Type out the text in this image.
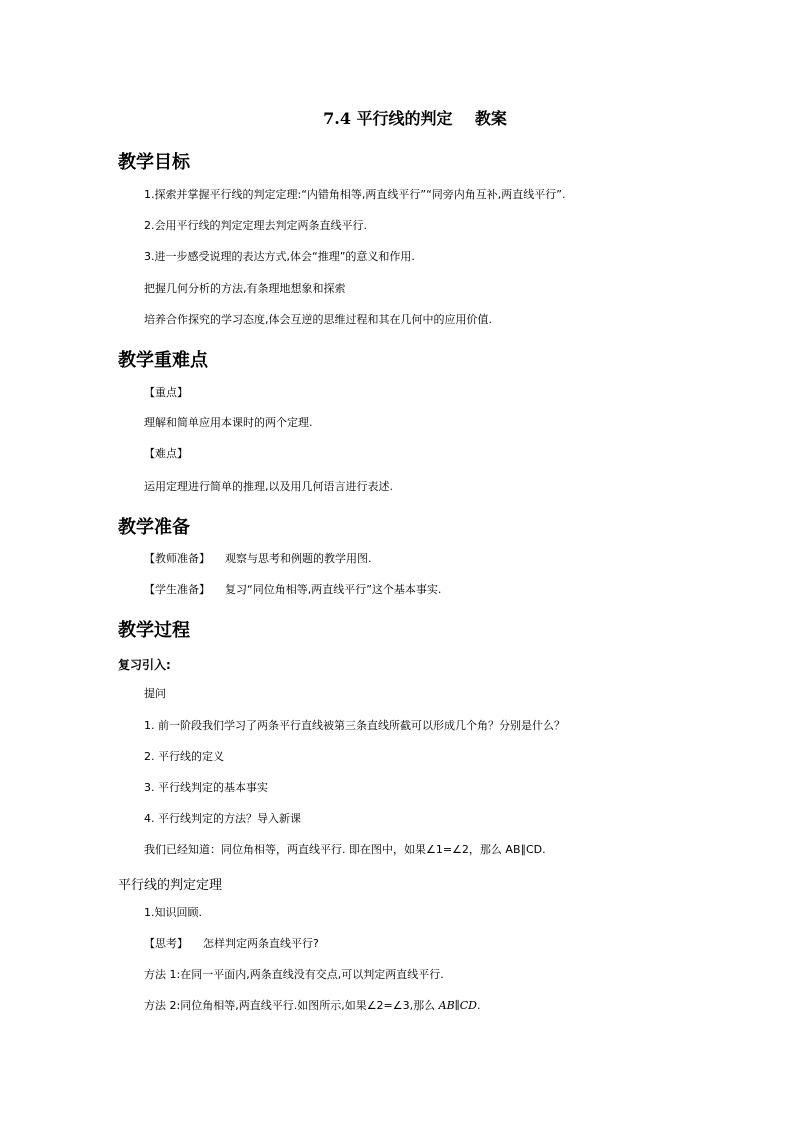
7.4 平行线的判定    教案
教学目标
1.探索并掌握平行线的判定定理:“内错角相等,两直线平行”“同旁内角互补,两直线平行”.
2.会用平行线的判定定理去判定两条直线平行.
3.进一步感受说理的表达方式,体会“推理”的意义和作用.
把握几何分析的方法,有条理地想象和探索
培养合作探究的学习态度,体会互逆的思维过程和其在几何中的应用价值.
教学重难点
【重点】
理解和简单应用本课时的两个定理.
【难点】
运用定理进行简单的推理,以及用几何语言进行表述.
教学准备
【教师准备】 观察与思考和例题的教学用图.
【学生准备】 复习“同位角相等,两直线平行”这个基本事实.
教学过程
复习引入:
提问
1. 前一阶段我们学习了两条平行直线被第三条直线所截可以形成几个角？分别是什么？
2. 平行线的定义
3. 平行线判定的基本事实
4. 平行线判定的方法？导入新课
我们已经知道：同位角相等，两直线平行. 即在图中，如果∠1=∠2，那么 AB∥CD.
平行线的判定定理
1.知识回顾.
【思考】 怎样判定两条直线平行?
方法 1:在同一平面内,两条直线没有交点,可以判定两直线平行.
方法 2:同位角相等,两直线平行.如图所示,如果∠2=∠3,那么 AB∥CD.
